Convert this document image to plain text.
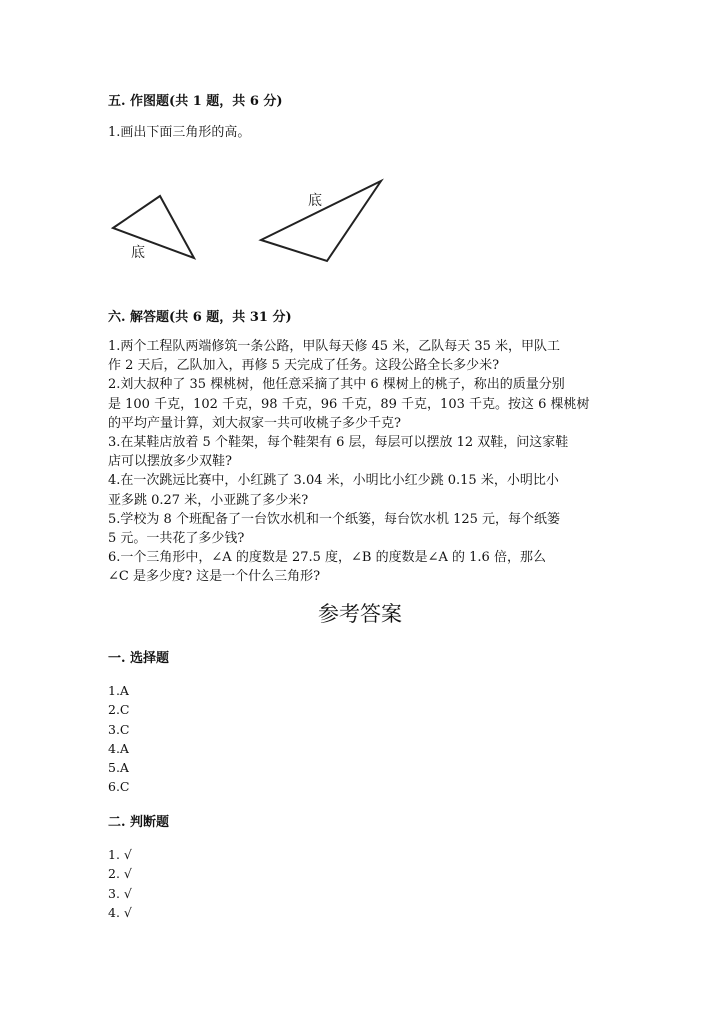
五. 作图题(共 1 题，共 6 分)
1.画出下面三角形的高。
底
底
六. 解答题(共 6 题，共 31 分)

1.两个工程队两端修筑一条公路，甲队每天修 45 米，乙队每天 35 米，甲队工

作 2 天后，乙队加入，再修 5 天完成了任务。这段公路全长多少米?

2.刘大叔种了 35 棵桃树，他任意采摘了其中 6 棵树上的桃子，称出的质量分别

是 100 千克，102 千克，98 千克，96 千克，89 千克，103 千克。按这 6 棵桃树

的平均产量计算，刘大叔家一共可收桃子多少千克?

3.在某鞋店放着 5 个鞋架，每个鞋架有 6 层，每层可以摆放 12 双鞋，问这家鞋

店可以摆放多少双鞋?

4.在一次跳远比赛中，小红跳了 3.04 米，小明比小红少跳 0.15 米，小明比小

亚多跳 0.27 米，小亚跳了多少米?

5.学校为 8 个班配备了一台饮水机和一个纸篓，每台饮水机 125 元，每个纸篓

5 元。一共花了多少钱?

6.一个三角形中，∠A 的度数是 27.5 度，∠B 的度数是∠A 的 1.6 倍，那么

∠C 是多少度? 这是一个什么三角形?

参考答案
一. 选择题
1.A
2.C
3.C
4.A
5.A
6.C
二. 判断题
1. √
2. √
3. √
4. √
